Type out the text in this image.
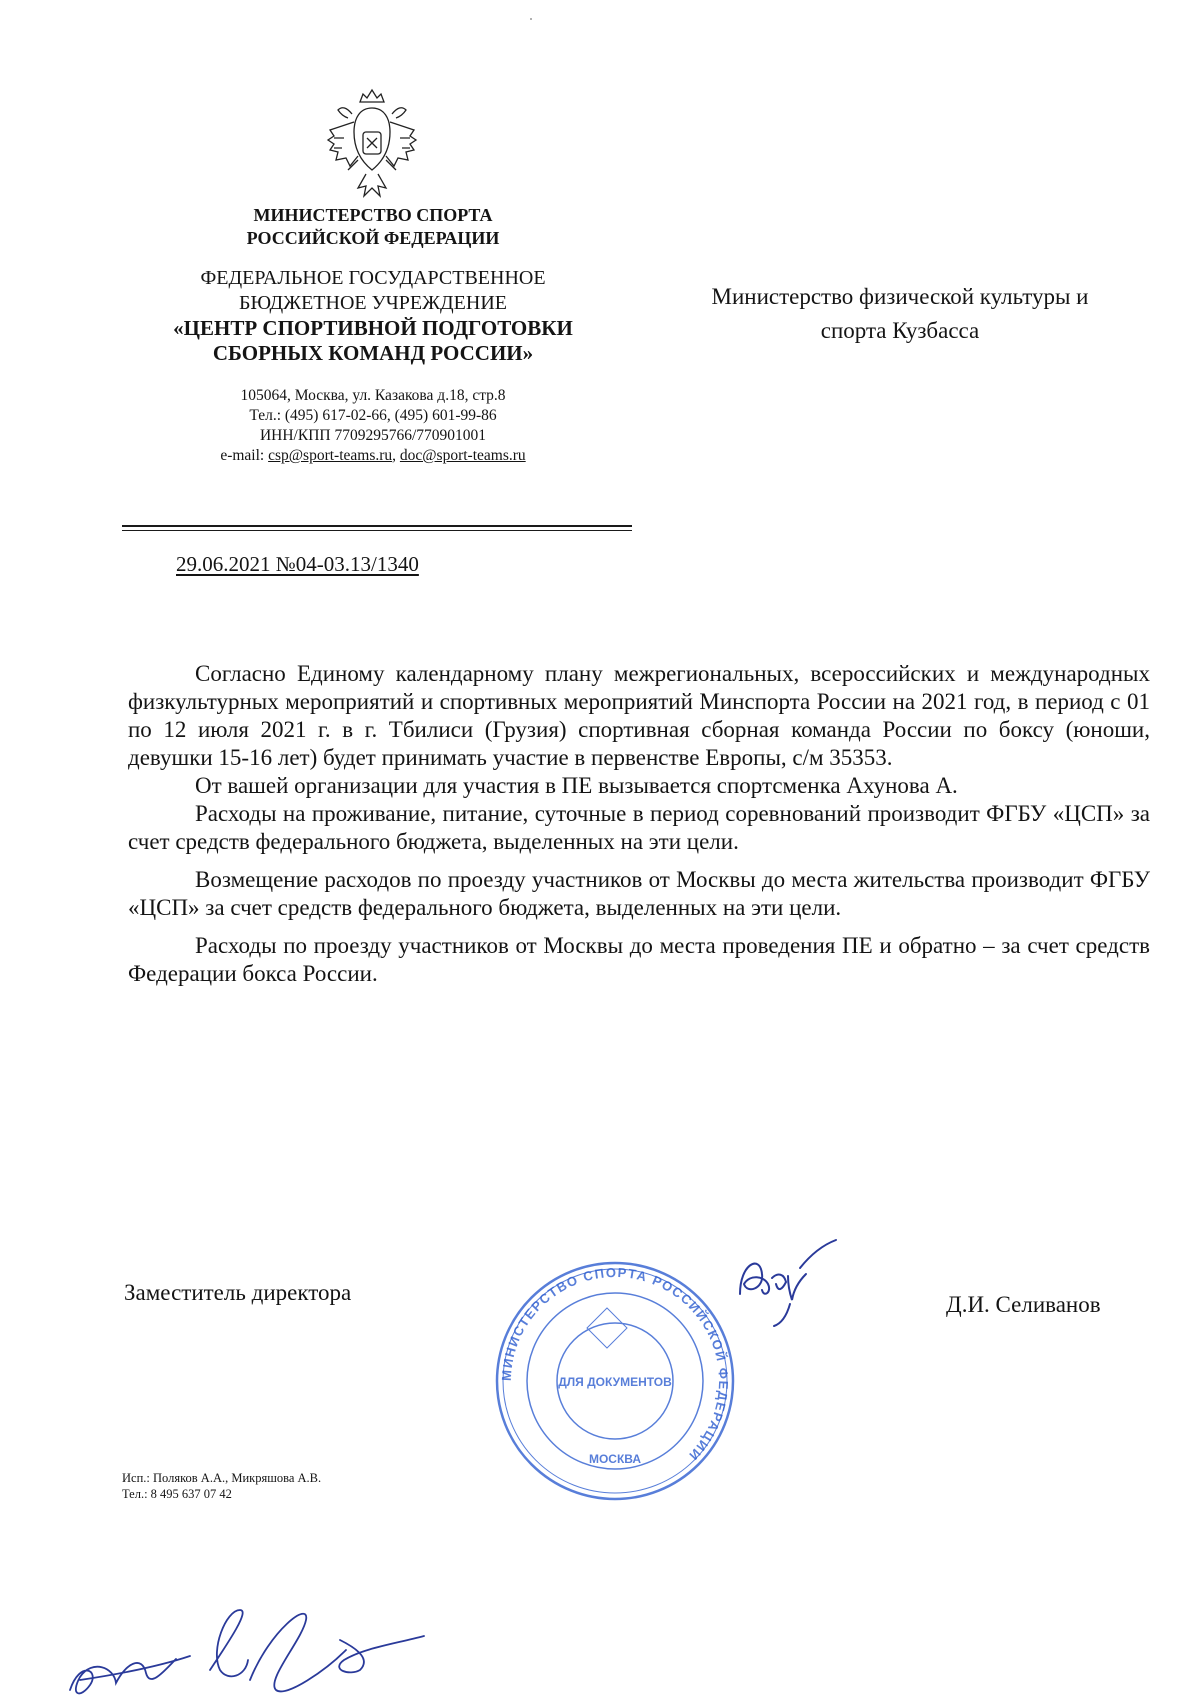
МИНИСТЕРСТВО СПОРТА
РОССИЙСКОЙ ФЕДЕРАЦИИ
ФЕДЕРАЛЬНОЕ ГОСУДАРСТВЕННОЕ
БЮДЖЕТНОЕ УЧРЕЖДЕНИЕ
«ЦЕНТР СПОРТИВНОЙ ПОДГОТОВКИ
СБОРНЫХ КОМАНД РОССИИ»
105064, Москва, ул. Казакова д.18, стр.8
Тел.: (495) 617-02-66, (495) 601-99-86
ИНН/КПП 7709295766/770901001
e-mail: csp@sport-teams.ru, doc@sport-teams.ru
29.06.2021 №04-03.13/1340
Министерство физической культуры и
спорта Кузбасса

Согласно Единому календарному плану межрегиональных, всероссийских и международных физкультурных мероприятий и спортивных мероприятий Минспорта России на 2021 год, в период с 01 по 12 июля 2021 г. в г. Тбилиси (Грузия) спортивная сборная команда России по боксу (юноши, девушки 15-16 лет) будет принимать участие в первенстве Европы, с/м 35353.

От вашей организации для участия в ПЕ вызывается спортсменка Ахунова А.

Расходы на проживание, питание, суточные в период соревнований производит ФГБУ «ЦСП» за счет средств федерального бюджета, выделенных на эти цели.

Возмещение расходов по проезду участников от Москвы до места жительства производит ФГБУ «ЦСП» за счет средств федерального бюджета, выделенных на эти цели.

Расходы по проезду участников от Москвы до места проведения ПЕ и обратно – за счет средств Федерации бокса России.

Заместитель директора	Д.И. Селиванов
МИНИСТЕРСТВО СПОРТА РОССИЙСКОЙ ФЕДЕРАЦИИ
ДЛЯ ДОКУМЕНТОВ
МОСКВА
Исп.: Поляков А.А., Микряшова А.В.
Тел.: 8 495 637 07 42
